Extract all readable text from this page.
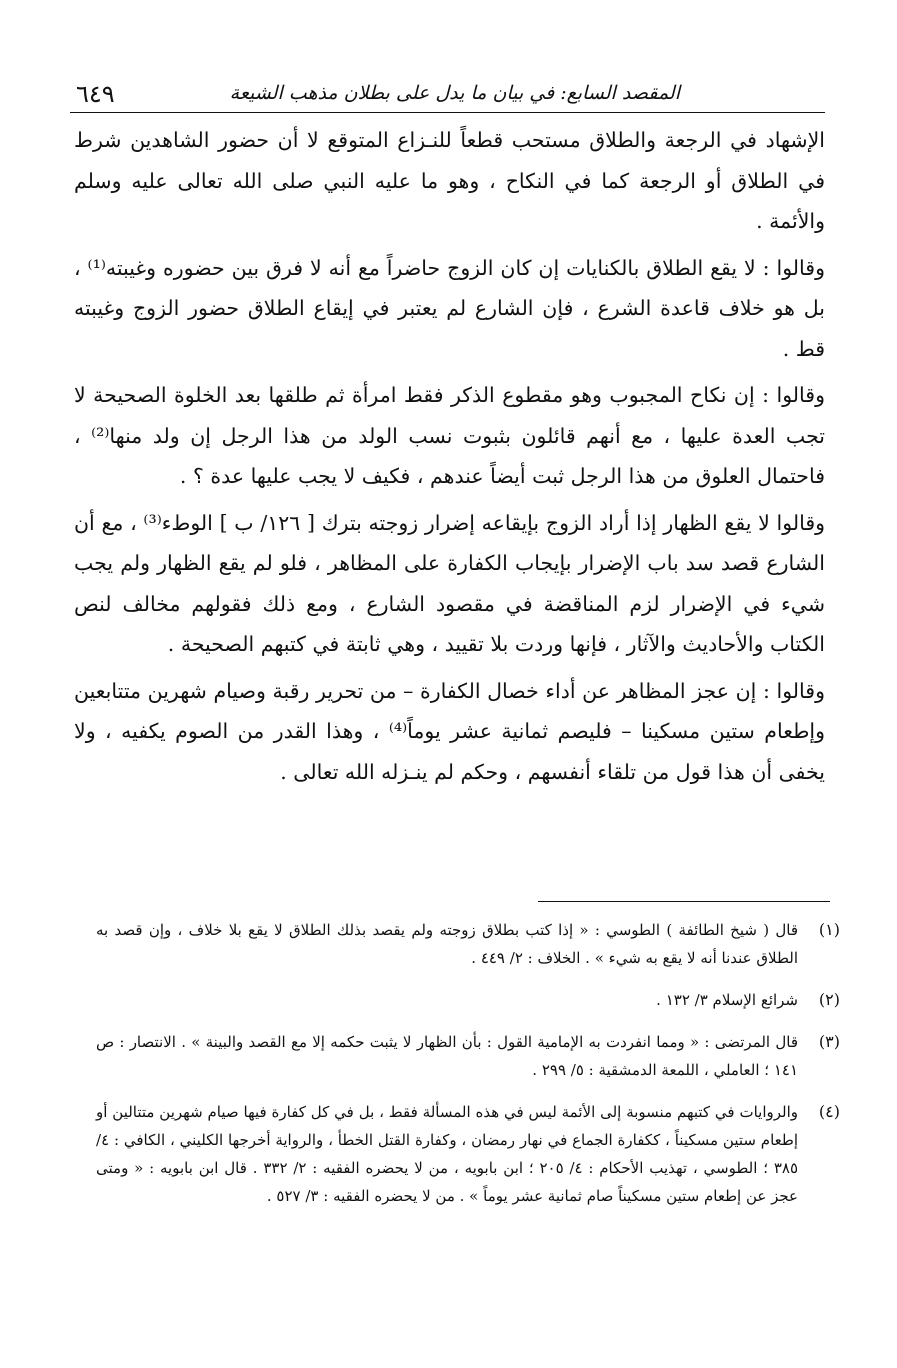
المقصد السابع: في بيان ما يدل على بطلان مذهب الشيعة
٦٤٩

الإشهاد في الرجعة والطلاق مستحب قطعاً للنـزاع المتوقع لا أن حضور الشاهدين شرط في الطلاق أو الرجعة كما في النكاح ، وهو ما عليه النبي صلى الله تعالى عليه وسلم والأئمة .

وقالوا : لا يقع الطلاق بالكنايات إن كان الزوج حاضراً مع أنه لا فرق بين حضوره وغيبته⁽¹⁾ ، بل هو خلاف قاعدة الشرع ، فإن الشارع لم يعتبر في إيقاع الطلاق حضور الزوج وغيبته قط .

وقالوا : إن نكاح المجبوب وهو مقطوع الذكر فقط امرأة ثم طلقها بعد الخلوة الصحيحة لا تجب العدة عليها ، مع أنهم قائلون بثبوت نسب الولد من هذا الرجل إن ولد منها⁽²⁾ ، فاحتمال العلوق من هذا الرجل ثبت أيضاً عندهم ، فكيف لا يجب عليها عدة ؟ .

وقالوا لا يقع الظهار إذا أراد الزوج بإيقاعه إضرار زوجته بترك [ ١٢٦/ ب ] الوطء⁽³⁾ ، مع أن الشارع قصد سد باب الإضرار بإيجاب الكفارة على المظاهر ، فلو لم يقع الظهار ولم يجب شيء في الإضرار لزم المناقضة في مقصود الشارع ، ومع ذلك فقولهم مخالف لنص الكتاب والأحاديث والآثار ، فإنها وردت بلا تقييد ، وهي ثابتة في كتبهم الصحيحة .

وقالوا : إن عجز المظاهر عن أداء خصال الكفارة – من تحرير رقبة وصيام شهرين متتابعين وإطعام ستين مسكينا – فليصم ثمانية عشر يوماً⁽⁴⁾ ، وهذا القدر من الصوم يكفيه ، ولا يخفى أن هذا قول من تلقاء أنفسهم ، وحكم لم ينـزله الله تعالى .

(١)
قال ( شيخ الطائفة ) الطوسي : « إذا كتب بطلاق زوجته ولم يقصد بذلك الطلاق لا يقع بلا خلاف ، وإن قصد به الطلاق عندنا أنه لا يقع به شيء » . الخلاف : ٢/ ٤٤٩ .
(٢)
شرائع الإسلام ٣/ ١٣٢ .
(٣)
قال المرتضى : « ومما انفردت به الإمامية القول : بأن الظهار لا يثبت حكمه إلا مع القصد والبينة » . الانتصار : ص ١٤١ ؛ العاملي ، اللمعة الدمشقية : ٥/ ٢٩٩ .
(٤)
والروايات في كتبهم منسوبة إلى الأئمة ليس في هذه المسألة فقط ، بل في كل كفارة فيها صيام شهرين متتالين أو إطعام ستين مسكيناً ، ككفارة الجماع في نهار رمضان ، وكفارة القتل الخطأ ، والرواية أخرجها الكليني ، الكافي : ٤/ ٣٨٥ ؛ الطوسي ، تهذيب الأحكام : ٤/ ٢٠٥ ؛ ابن بابويه ، من لا يحضره الفقيه : ٢/ ٣٣٢ . قال ابن بابويه : « ومتى عجز عن إطعام ستين مسكيناً صام ثمانية عشر يوماً » . من لا يحضره الفقيه : ٣/ ٥٢٧ .
